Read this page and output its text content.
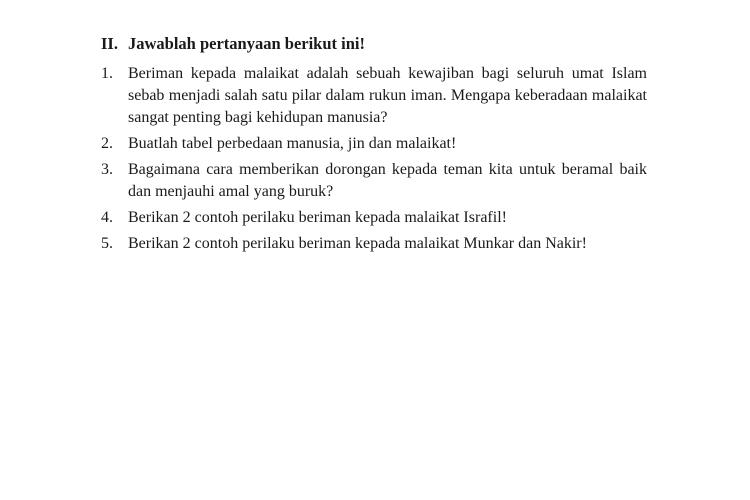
II. Jawablah pertanyaan berikut ini!
1. Beriman kepada malaikat adalah sebuah kewajiban bagi seluruh umat Islam sebab menjadi salah satu pilar dalam rukun iman. Mengapa keberadaan malaikat sangat penting bagi kehidupan manusia?
2. Buatlah tabel perbedaan manusia, jin dan malaikat!
3. Bagaimana cara memberikan dorongan kepada teman kita untuk beramal baik dan menjauhi amal yang buruk?
4. Berikan 2 contoh perilaku beriman kepada malaikat Israfil!
5. Berikan 2 contoh perilaku beriman kepada malaikat Munkar dan Nakir!
